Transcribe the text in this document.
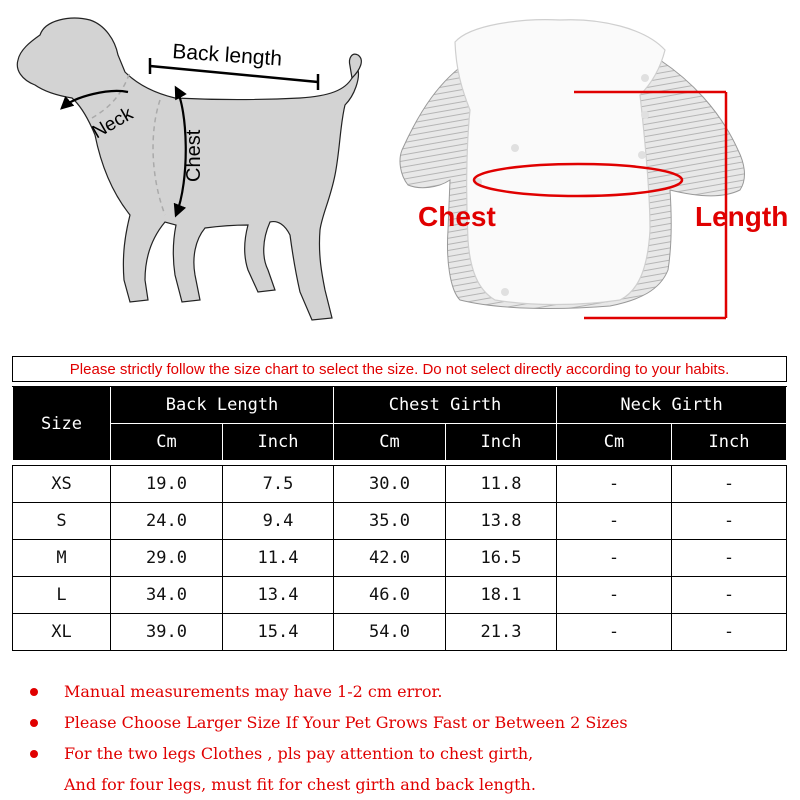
Back length
Neck
Chest
Chest	Length
Please strictly follow the size chart to select the size. Do not select directly according to your habits.						

Size	Back Length		Chest Girth		Neck Girth	
	Cm	Inch	Cm	Inch	Cm	Inch

XS	19.0	7.5	30.0	11.8	-	-
S	24.0	9.4	35.0	13.8	-	-
M	29.0	11.4	42.0	16.5	-	-
L	34.0	13.4	46.0	18.1	-	-
XL	39.0	15.4	54.0	21.3	-	-
Manual measurements may have 1-2 cm error.
Please Choose Larger Size If Your Pet Grows Fast or Between 2 Sizes
For the two legs Clothes , pls pay attention to chest girth,
And for four legs, must fit for chest girth and back length.
